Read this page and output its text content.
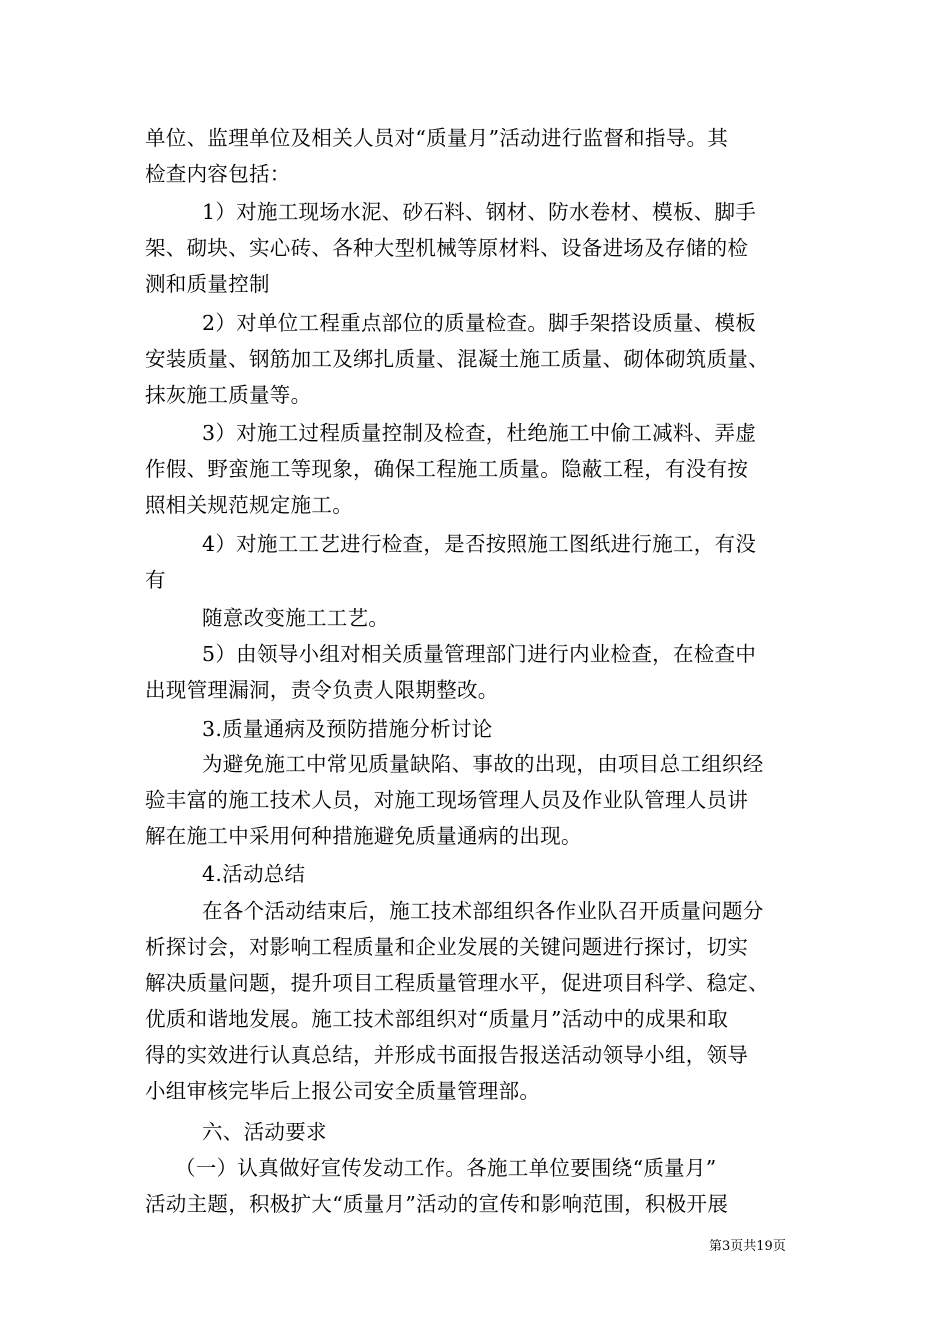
单位、监理单位及相关人员对“质量月”活动进行监督和指导。其
检查内容包括：
1）对施工现场水泥、砂石料、钢材、防水卷材、模板、脚手
架、砌块、实心砖、各种大型机械等原材料、设备进场及存储的检
测和质量控制
2）对单位工程重点部位的质量检查。脚手架搭设质量、模板
安装质量、钢筋加工及绑扎质量、混凝土施工质量、砌体砌筑质量、
抹灰施工质量等。
3）对施工过程质量控制及检查，杜绝施工中偷工减料、弄虚
作假、野蛮施工等现象，确保工程施工质量。隐蔽工程，有没有按
照相关规范规定施工。
4）对施工工艺进行检查，是否按照施工图纸进行施工，有没
有
随意改变施工工艺。
5）由领导小组对相关质量管理部门进行内业检查，在检查中
出现管理漏洞，责令负责人限期整改。
3.质量通病及预防措施分析讨论
为避免施工中常见质量缺陷、事故的出现，由项目总工组织经
验丰富的施工技术人员，对施工现场管理人员及作业队管理人员讲
解在施工中采用何种措施避免质量通病的出现。
4.活动总结
在各个活动结束后，施工技术部组织各作业队召开质量问题分
析探讨会，对影响工程质量和企业发展的关键问题进行探讨，切实
解决质量问题，提升项目工程质量管理水平，促进项目科学、稳定、
优质和谐地发展。施工技术部组织对“质量月”活动中的成果和取
得的实效进行认真总结，并形成书面报告报送活动领导小组，领导
小组审核完毕后上报公司安全质量管理部。
六、活动要求
（一）认真做好宣传发动工作。各施工单位要围绕“质量月”
活动主题，积极扩大“质量月”活动的宣传和影响范围，积极开展
第3页共19页
